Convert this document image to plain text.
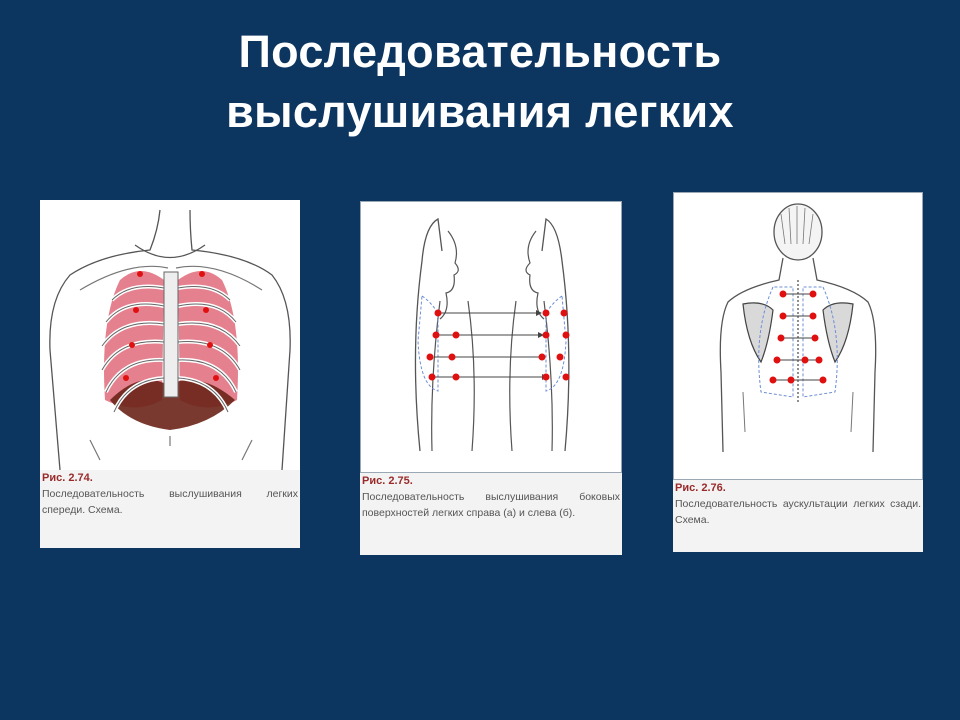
Последовательность
выслушивания легких
Рис. 2.74.
Последовательность выслушивания легких спереди. Схема.
Рис. 2.75.
Последовательность выслушивания боковых поверхностей легких справа (а) и слева (б).
Рис. 2.76.
Последовательность аускультации легких сзади. Схема.
